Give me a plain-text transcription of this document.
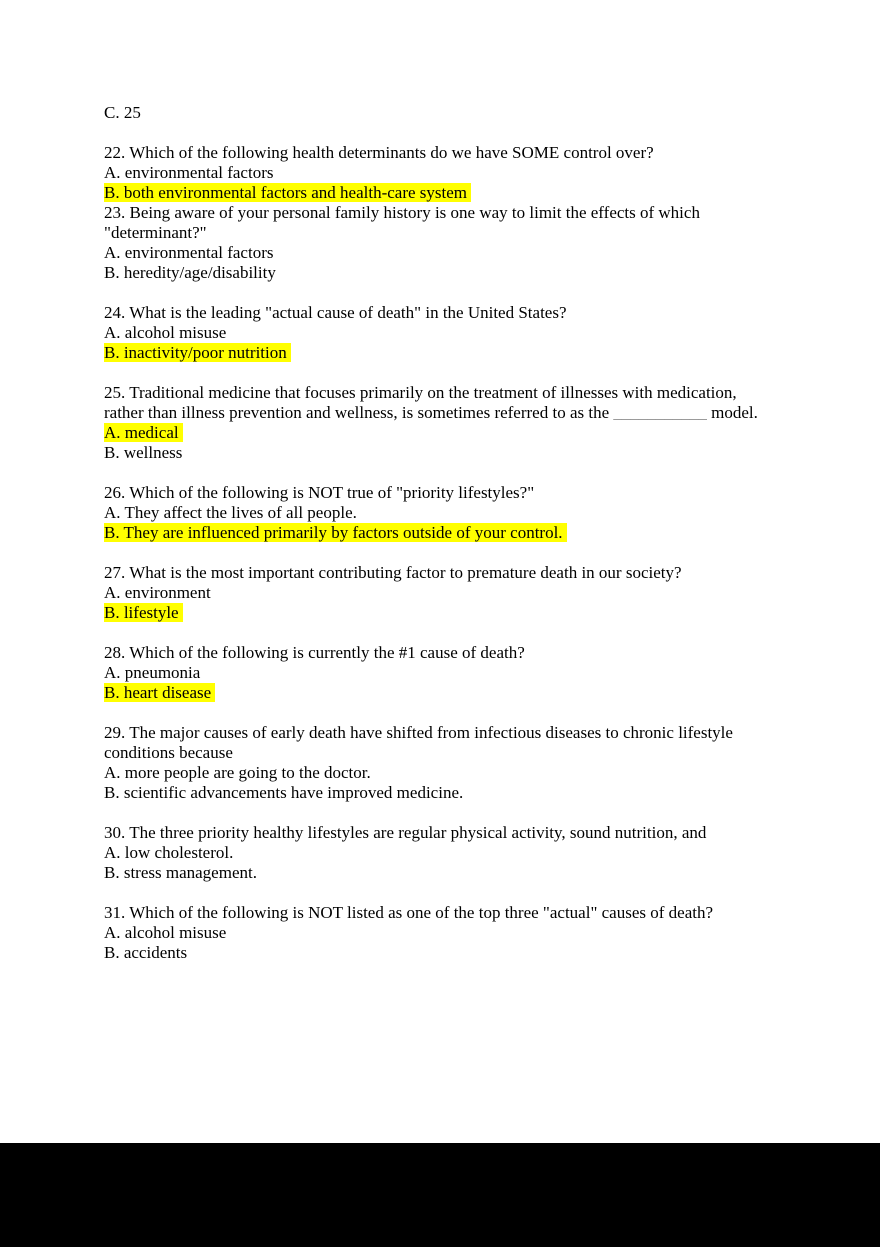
C. 25
22. Which of the following health determinants do we have SOME control over?
A. environmental factors
B. both environmental factors and health-care system
23. Being aware of your personal family history is one way to limit the effects of which
"determinant?"
A. environmental factors
B. heredity/age/disability
24. What is the leading "actual cause of death" in the United States?
A. alcohol misuse
B. inactivity/poor nutrition
25. Traditional medicine that focuses primarily on the treatment of illnesses with medication,
rather than illness prevention and wellness, is sometimes referred to as the ___________ model.
A. medical
B. wellness
26. Which of the following is NOT true of "priority lifestyles?"
A. They affect the lives of all people.
B. They are influenced primarily by factors outside of your control.
27. What is the most important contributing factor to premature death in our society?
A. environment
B. lifestyle
28. Which of the following is currently the #1 cause of death?
A. pneumonia
B. heart disease
29. The major causes of early death have shifted from infectious diseases to chronic lifestyle
conditions because
A. more people are going to the doctor.
B. scientific advancements have improved medicine.
30. The three priority healthy lifestyles are regular physical activity, sound nutrition, and
A. low cholesterol.
B. stress management.
31. Which of the following is NOT listed as one of the top three "actual" causes of death?
A. alcohol misuse
B. accidents
